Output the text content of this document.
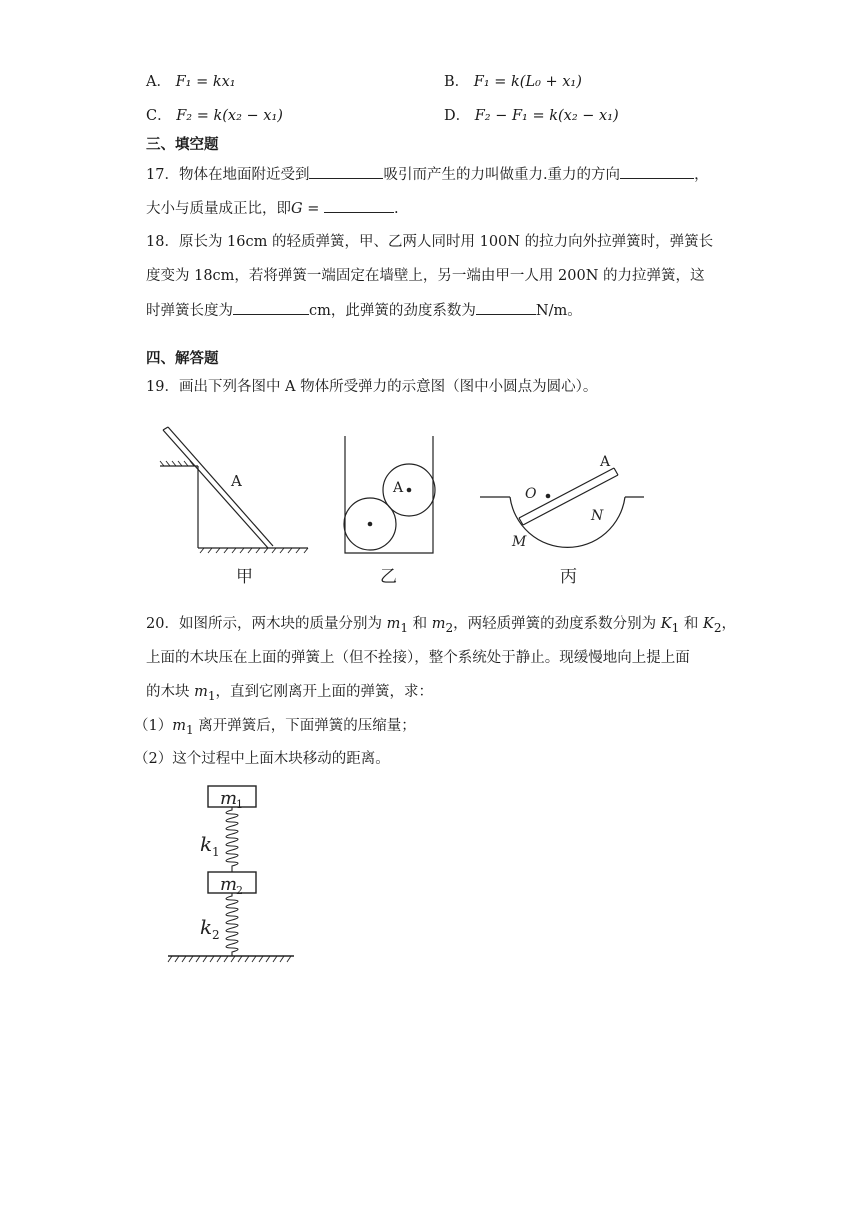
A． F₁ = kx₁	B． F₁ = k(L₀ + x₁)
C． F₂ = k(x₂ − x₁)	D． F₂ − F₁ = k(x₂ − x₁)
三、填空题
17．物体在地面附近受到	吸引而产生的力叫做重力.重力的方向	，
大小与质量成正比，即G =	.
18．原长为 16cm 的轻质弹簧，甲、乙两人同时用 100N 的拉力向外拉弹簧时，弹簧长
度变为 18cm，若将弹簧一端固定在墙壁上，另一端由甲一人用 200N 的力拉弹簧，这
时弹簧长度为	cm，此弹簧的劲度系数为	N/m。
四、解答题
19．画出下列各图中 A 物体所受弹力的示意图（图中小圆点为圆心）。
A
甲
A
乙
A
O
N
M
丙
20．如图所示，两木块的质量分别为 $m_1$ 和 $m_2$，两轻质弹簧的劲度系数分别为 $K_1$ 和 $K_2$，
上面的木块压在上面的弹簧上（但不拴接），整个系统处于静止。现缓慢地向上提上面
的木块 $m_1$，直到它刚离开上面的弹簧，求：
$(1)m_1$ 离开弹簧后，下面弹簧的压缩量；
（2）这个过程中上面木块移动的距离。
m
1
k 1
m
2
k 2
